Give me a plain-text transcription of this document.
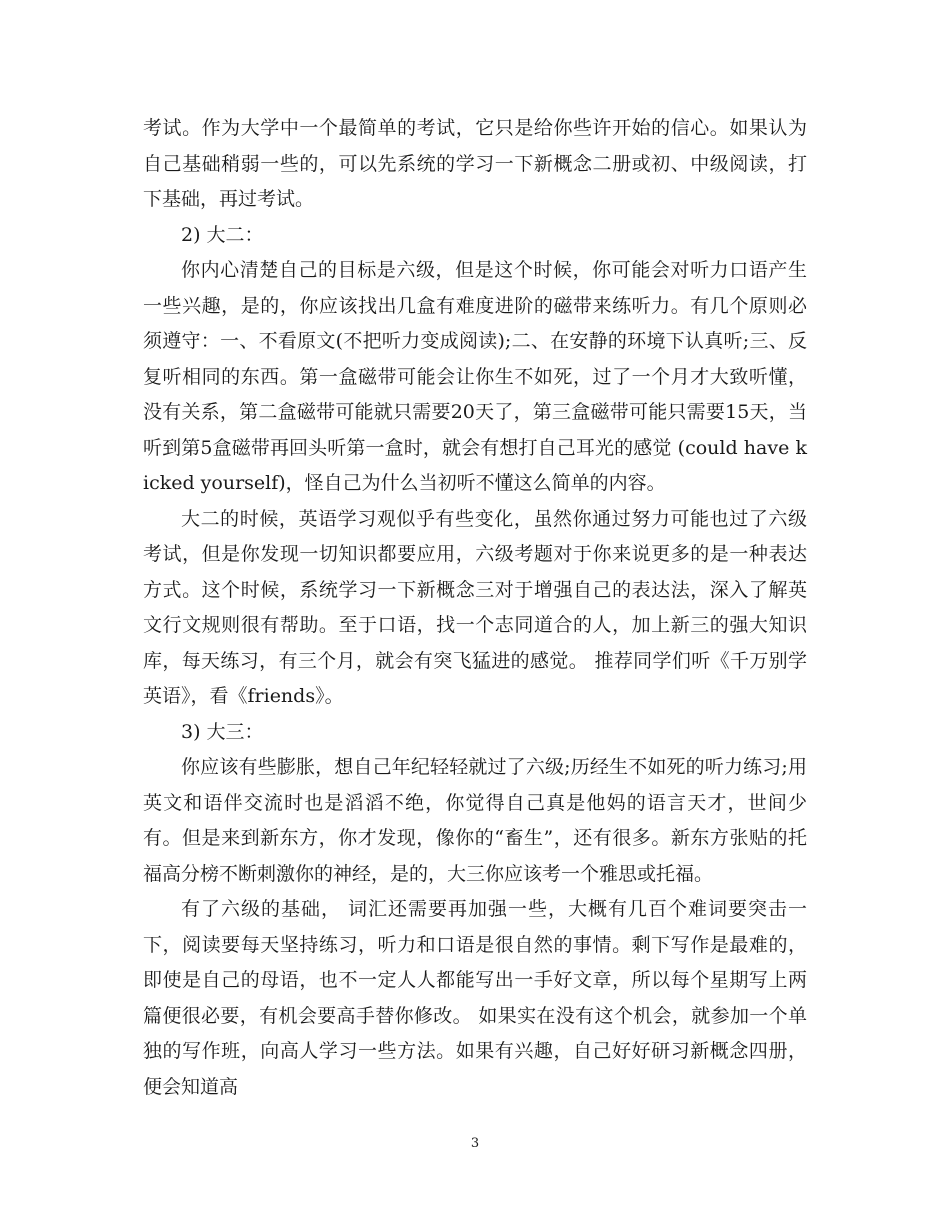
考试。作为大学中一个最简单的考试，它只是给你些许开始的信心。如果认为自己基础稍弱一些的，可以先系统的学习一下新概念二册或初、中级阅读，打下基础，再过考试。

2) 大二：

你内心清楚自己的目标是六级，但是这个时候，你可能会对听力口语产生一些兴趣，是的，你应该找出几盒有难度进阶的磁带来练听力。有几个原则必须遵守：一、不看原文(不把听力变成阅读);二、在安静的环境下认真听;三、反复听相同的东西。第一盒磁带可能会让你生不如死，过了一个月才大致听懂，没有关系，第二盒磁带可能就只需要20天了，第三盒磁带可能只需要15天，当听到第5盒磁带再回头听第一盒时，就会有想打自己耳光的感觉 (could have kicked yourself)，怪自己为什么当初听不懂这么简单的内容。

大二的时候，英语学习观似乎有些变化，虽然你通过努力可能也过了六级考试，但是你发现一切知识都要应用，六级考题对于你来说更多的是一种表达方式。这个时候，系统学习一下新概念三对于增强自己的表达法，深入了解英文行文规则很有帮助。至于口语，找一个志同道合的人，加上新三的强大知识库，每天练习，有三个月，就会有突飞猛进的感觉。 推荐同学们听《千万别学英语》，看《friends》。

3) 大三：

你应该有些膨胀，想自己年纪轻轻就过了六级;历经生不如死的听力练习;用英文和语伴交流时也是滔滔不绝，你觉得自己真是他妈的语言天才，世间少有。但是来到新东方，你才发现，像你的“畜生”，还有很多。新东方张贴的托福高分榜不断刺激你的神经，是的，大三你应该考一个雅思或托福。

有了六级的基础， 词汇还需要再加强一些，大概有几百个难词要突击一下，阅读要每天坚持练习，听力和口语是很自然的事情。剩下写作是最难的，即使是自己的母语，也不一定人人都能写出一手好文章，所以每个星期写上两篇便很必要，有机会要高手替你修改。 如果实在没有这个机会，就参加一个单独的写作班，向高人学习一些方法。如果有兴趣，自己好好研习新概念四册，便会知道高

3
